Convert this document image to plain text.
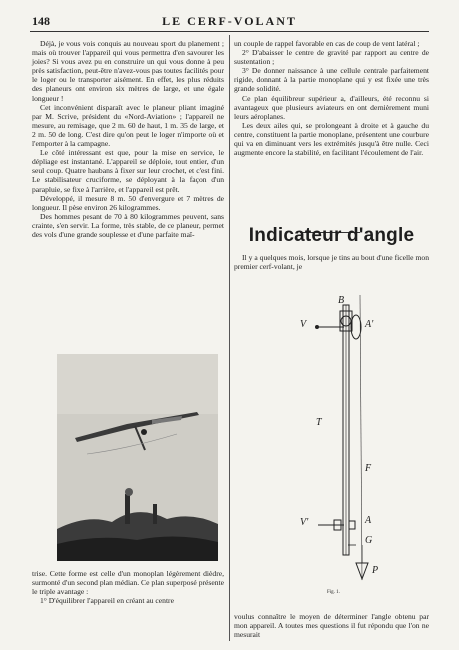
148	LE CERF-VOLANT

Déjà, je vous vois conquis au nouveau sport du planement ; mais où trouver l'appareil qui vous permettra d'en savourer les joies? Si vous avez pu en construire un qui vous donne à peu près satisfaction, peut-être n'avez-vous pas toutes facilités pour le loger ou le transporter aisément. En effet, les plus réduits des planeurs ont environ six mètres de large, et une égale longueur !

Cet inconvénient disparaît avec le planeur pliant imaginé par M. Scrive, président du «Nord-Aviation» ; l'appareil ne mesure, au remisage, que 2 m. 60 de haut, 1 m. 35 de large, et 2 m. 50 de long. C'est dire qu'on peut le loger n'importe où et l'emporter à la campagne.

Le côté intéressant est que, pour la mise en service, le dépliage est instantané. L'appareil se déploie, tout entier, d'un seul coup. Quatre haubans à fixer sur leur crochet, et c'est fini. Le stabilisateur cruciforme, se déployant à la façon d'un parapluie, se fixe à l'arrière, et l'appareil est prêt.

Développé, il mesure 8 m. 50 d'envergure et 7 mètres de longueur. Il pèse environ 26 kilogrammes.

Des hommes pesant de 70 à 80 kilogrammes peuvent, sans crainte, s'en servir. La forme, très stable, de ce planeur, permet des vols d'une grande souplesse et d'une parfaite maî-

trise. Cette forme est celle d'un monoplan légèrement dièdre, surmonté d'un second plan médian. Ce plan superposé présente le triple avantage :

1° D'équilibrer l'appareil en créant au centre

un couple de rappel favorable en cas de coup de vent latéral ;

2° D'abaisser le centre de gravité par rapport au centre de sustentation ;

3° De donner naissance à une cellule centrale parfaitement rigide, donnant à la partie monoplane qui y est fixée une très grande solidité.

Ce plan équilibreur supérieur a, d'ailleurs, été reconnu si avantageux que plusieurs aviateurs en ont dernièrement muni leurs aéroplanes.

Les deux ailes qui, se prolongeant à droite et à gauche du centre, constituent la partie monoplane, présentent une courbure qui va en diminuant vers les extrémités jusqu'à être nulle. Ceci augmente encore la stabilité, en facilitant l'écoulement de l'air.

Indicateur d'angle

Il y a quelques mois, lorsque je tins au bout d'une ficelle mon premier cerf-volant, je

B
V	A'
T
F
V'	A
G
P
Fig. 1.

voulus connaître le moyen de déterminer l'angle obtenu par mon appareil. A toutes mes questions il fut répondu que l'on ne mesurait
